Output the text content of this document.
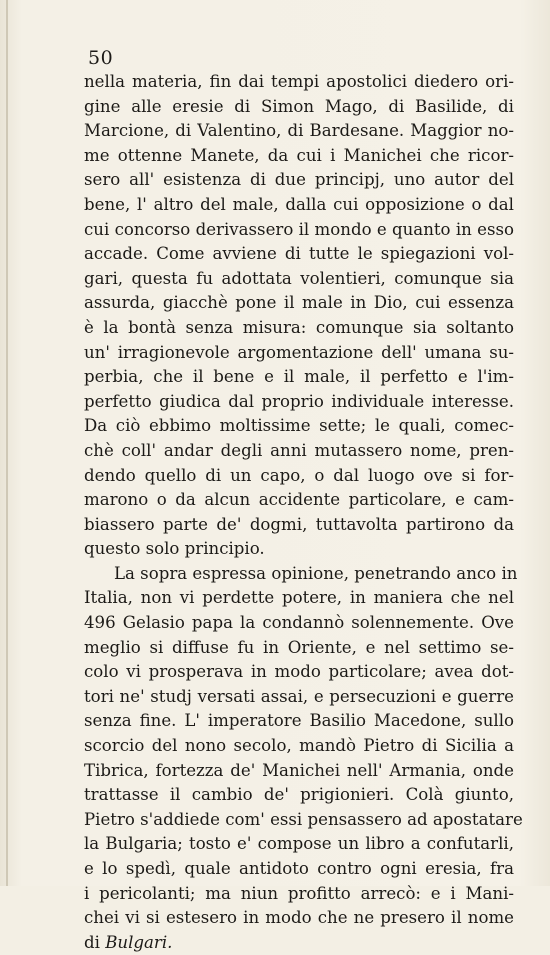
50
nella materia, fin dai tempi apostolici diedero ori-
gine alle eresie di Simon Mago, di Basilide, di
Marcione, di Valentino, di Bardesane. Maggior no-
me ottenne Manete, da cui i Manichei che ricor-
sero all' esistenza di due principj, uno autor del
bene, l' altro del male, dalla cui opposizione o dal
cui concorso derivassero il mondo e quanto in esso
accade. Come avviene di tutte le spiegazioni vol-
gari, questa fu adottata volentieri, comunque sia
assurda, giacchè pone il male in Dio, cui essenza
è la bontà senza misura: comunque sia soltanto
un' irragionevole argomentazione dell' umana su-
perbia, che il bene e il male, il perfetto e l'im-
perfetto giudica dal proprio individuale interesse.
Da ciò ebbimo moltissime sette; le quali, comec-
chè coll' andar degli anni mutassero nome, pren-
dendo quello di un capo, o dal luogo ove si for-
marono o da alcun accidente particolare, e cam-
biassero parte de' dogmi, tuttavolta partirono da
questo solo principio.
La sopra espressa opinione, penetrando anco in
Italia, non vi perdette potere, in maniera che nel
496 Gelasio papa la condannò solennemente. Ove
meglio si diffuse fu in Oriente, e nel settimo se-
colo vi prosperava in modo particolare; avea dot-
tori ne' studj versati assai, e persecuzioni e guerre
senza fine. L' imperatore Basilio Macedone, sullo
scorcio del nono secolo, mandò Pietro di Sicilia a
Tibrica, fortezza de' Manichei nell' Armania, onde
trattasse il cambio de' prigionieri. Colà giunto,
Pietro s'addiede com' essi pensassero ad apostatare
la Bulgaria; tosto e' compose un libro a confutarli,
e lo spedì, quale antidoto contro ogni eresia, fra
i pericolanti; ma niun profitto arrecò: e i Mani-
chei vi si estesero in modo che ne presero il nome
di Bulgari.
